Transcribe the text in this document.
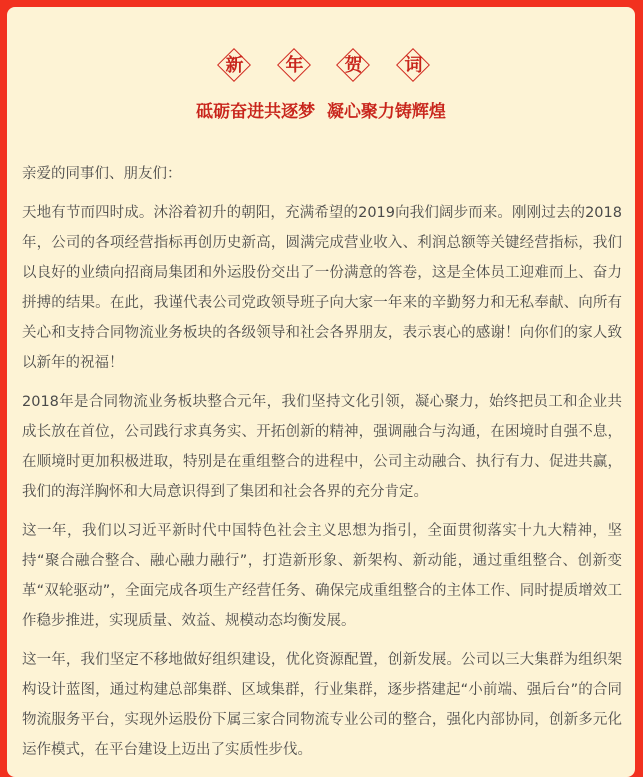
新	年	贺	词
砥砺奋进共逐梦  凝心聚力铸辉煌

亲爱的同事们、朋友们：

天地有节而四时成。沐浴着初升的朝阳，充满希望的2019向我们阔步而来。刚刚过去的2018年，公司的各项经营指标再创历史新高，圆满完成营业收入、利润总额等关键经营指标，我们以良好的业绩向招商局集团和外运股份交出了一份满意的答卷，这是全体员工迎难而上、奋力拼搏的结果。在此，我谨代表公司党政领导班子向大家一年来的辛勤努力和无私奉献、向所有关心和支持合同物流业务板块的各级领导和社会各界朋友，表示衷心的感谢！向你们的家人致以新年的祝福！

2018年是合同物流业务板块整合元年，我们坚持文化引领，凝心聚力，始终把员工和企业共成长放在首位，公司践行求真务实、开拓创新的精神，强调融合与沟通，在困境时自强不息，在顺境时更加积极进取，特别是在重组整合的进程中，公司主动融合、执行有力、促进共赢，我们的海洋胸怀和大局意识得到了集团和社会各界的充分肯定。

这一年，我们以习近平新时代中国特色社会主义思想为指引，全面贯彻落实十九大精神，坚持“聚合融合整合、融心融力融行”，打造新形象、新架构、新动能，通过重组整合、创新变革“双轮驱动”，全面完成各项生产经营任务、确保完成重组整合的主体工作、同时提质增效工作稳步推进，实现质量、效益、规模动态均衡发展。

这一年，我们坚定不移地做好组织建设，优化资源配置，创新发展。公司以三大集群为组织架构设计蓝图，通过构建总部集群、区域集群，行业集群，逐步搭建起“小前端、强后台”的合同物流服务平台，实现外运股份下属三家合同物流专业公司的整合，强化内部协同，创新多元化运作模式，在平台建设上迈出了实质性步伐。
